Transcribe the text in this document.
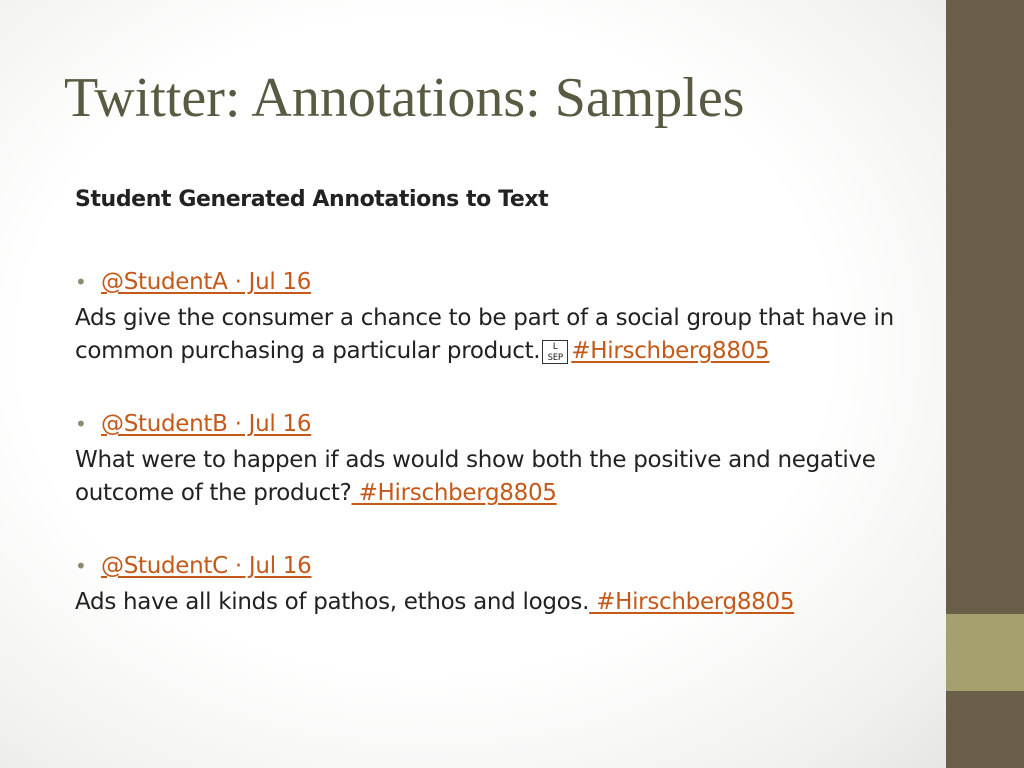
Twitter: Annotations: Samples

Student Generated Annotations to Text

• @StudentA · Jul 16
Ads give the consumer a chance to be part of a social group that have in common purchasing a particular product. L
SEP #Hirschberg8805
• @StudentB · Jul 16
What were to happen if ads would show both the positive and negative outcome of the product? #Hirschberg8805
• @StudentC · Jul 16
Ads have all kinds of pathos, ethos and logos. #Hirschberg8805
